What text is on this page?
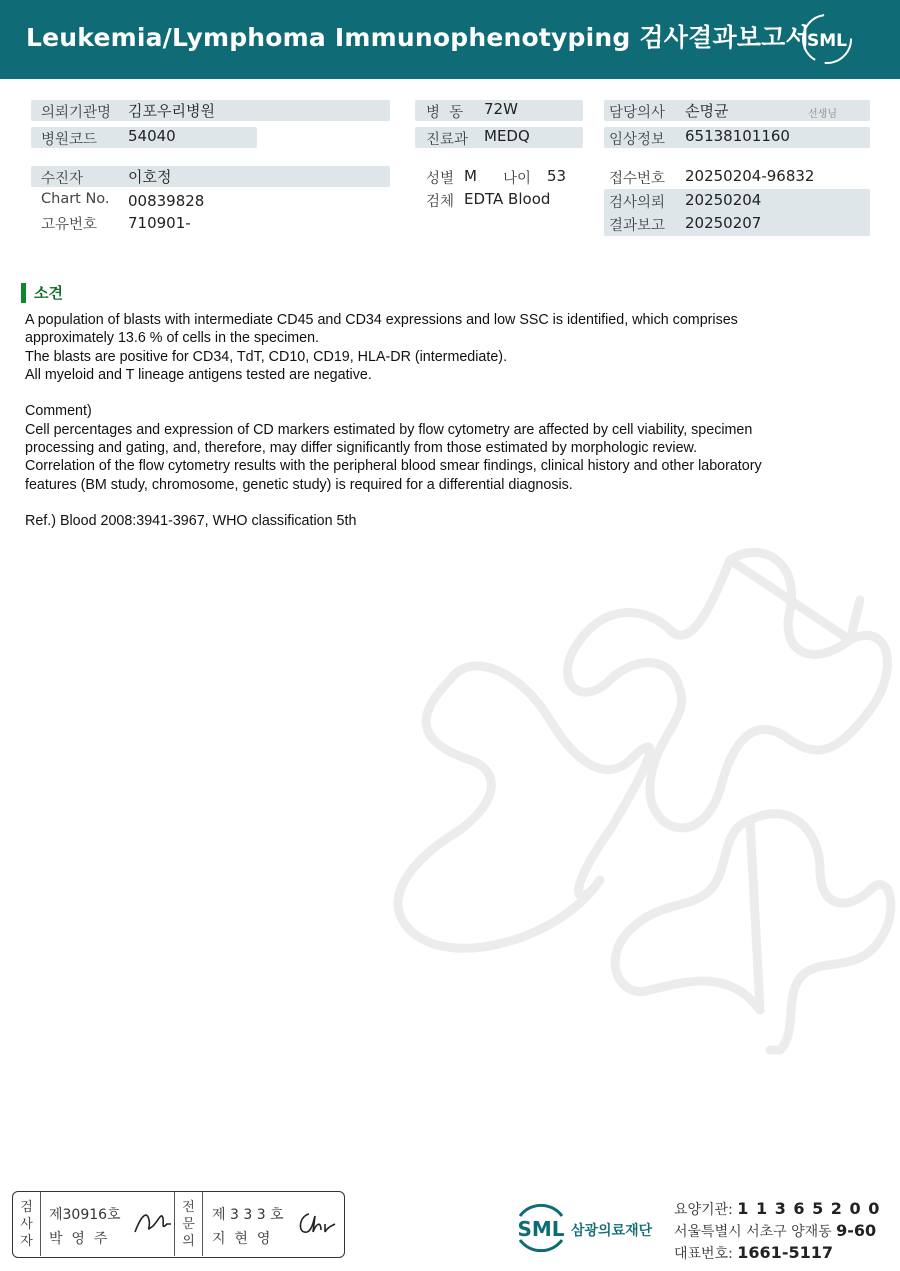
Leukemia/Lymphoma Immunophenotyping 검사결과보고서
SML
의뢰기관명 김포우리병원
병원코드 54040
수진자	이호정
Chart No. 00839828
고유번호 710901-
병  동 72W
진료과 MEDQ
성별 M 나이 53
검체 EDTA Blood
담당의사 손명균	선생님
임상정보 65138101160
접수번호 20250204-96832
검사의뢰 20250204
결과보고 20250207
소견

A population of blasts with intermediate CD45 and CD34 expressions and low SSC is identified, which comprises

approximately 13.6 % of cells in the specimen.

The blasts are positive for CD34, TdT, CD10, CD19, HLA-DR (intermediate).

All myeloid and T lineage antigens tested are negative.

Comment)

Cell percentages and expression of CD markers estimated by flow cytometry are affected by cell viability, specimen

processing and gating, and, therefore, may differ significantly from those estimated by morphologic review.

Correlation of the flow cytometry results with the peripheral blood smear findings, clinical history and other laboratory

features (BM study, chromosome, genetic study) is required for a differential diagnosis.

Ref.) Blood 2008:3941-3967, WHO classification 5th

검
사
자
제30916호
박  영  주
전
문
의
제 3 3 3 호
지  현  영	SML 삼광의료재단
요양기관: 1 1 3 6 5 2 0 0
서울특별시 서초구 양재동 9-60
대표번호: 1661-5117
